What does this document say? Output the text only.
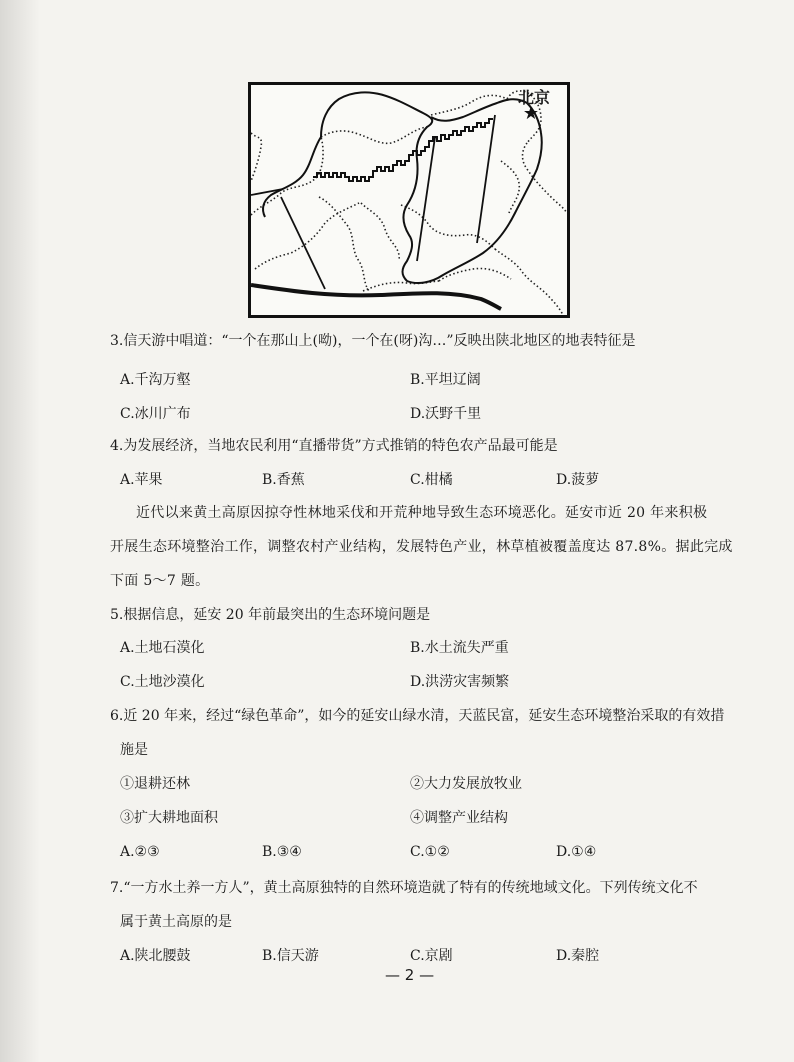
★
北京
3.信天游中唱道：“一个在那山上(呦)，一个在(呀)沟…”反映出陕北地区的地表特征是
A.千沟万壑	B.平坦辽阔
C.冰川广布	D.沃野千里
4.为发展经济，当地农民利用“直播带货”方式推销的特色农产品最可能是
A.苹果	B.香蕉	C.柑橘	D.菠萝
近代以来黄土高原因掠夺性林地采伐和开荒种地导致生态环境恶化。延安市近 20 年来积极
开展生态环境整治工作，调整农村产业结构，发展特色产业，林草植被覆盖度达 87.8%。据此完成
下面 5～7 题。
5.根据信息，延安 20 年前最突出的生态环境问题是
A.土地石漠化	B.水土流失严重
C.土地沙漠化	D.洪涝灾害频繁
6.近 20 年来，经过“绿色革命”，如今的延安山绿水清，天蓝民富，延安生态环境整治采取的有效措
施是
①退耕还林	②大力发展放牧业
③扩大耕地面积	④调整产业结构
A.②③	B.③④	C.①②	D.①④
7.“一方水土养一方人”，黄土高原独特的自然环境造就了特有的传统地域文化。下列传统文化不
属于黄土高原的是
A.陕北腰鼓	B.信天游	C.京剧	D.秦腔
— 2 —
